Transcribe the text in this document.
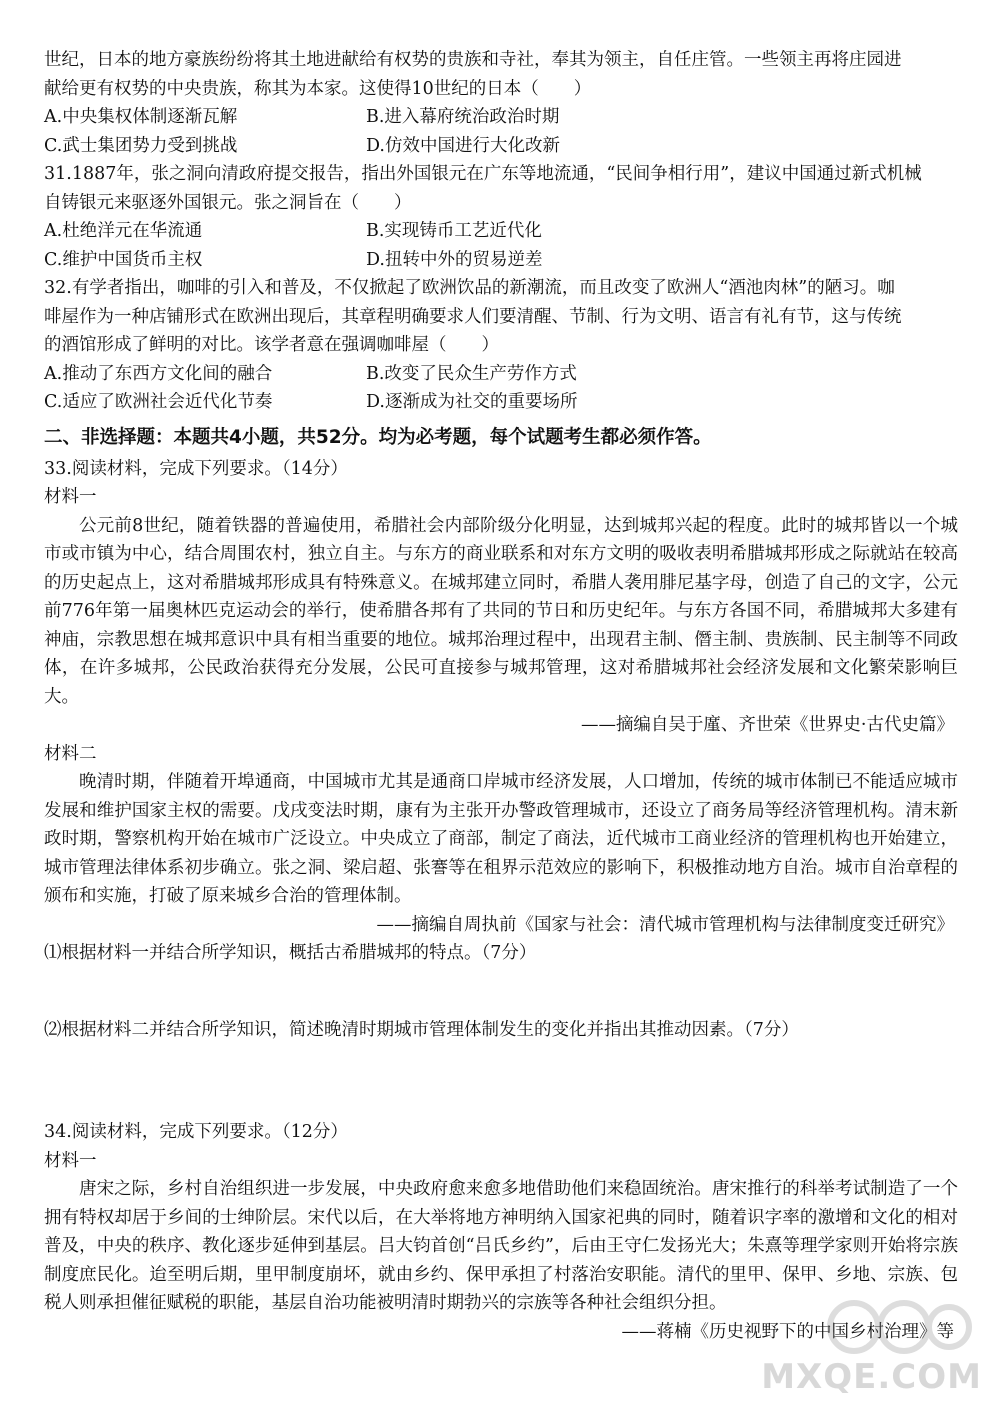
世纪，日本的地方豪族纷纷将其土地进献给有权势的贵族和寺社，奉其为领主，自任庄管。一些领主再将庄园进
献给更有权势的中央贵族，称其为本家。这使得10世纪的日本（　　）
A.中央集权体制逐渐瓦解	B.进入幕府统治政治时期
C.武士集团势力受到挑战	D.仿效中国进行大化改新
31.1887年，张之洞向清政府提交报告，指出外国银元在广东等地流通，“民间争相行用”，建议中国通过新式机械
自铸银元来驱逐外国银元。张之洞旨在（　　）
A.杜绝洋元在华流通	B.实现铸币工艺近代化
C.维护中国货币主权	D.扭转中外的贸易逆差
32.有学者指出，咖啡的引入和普及，不仅掀起了欧洲饮品的新潮流，而且改变了欧洲人“酒池肉林”的陋习。咖
啡屋作为一种店铺形式在欧洲出现后，其章程明确要求人们要清醒、节制、行为文明、语言有礼有节，这与传统
的酒馆形成了鲜明的对比。该学者意在强调咖啡屋（　　）
A.推动了东西方文化间的融合	B.改变了民众生产劳作方式
C.适应了欧洲社会近代化节奏	D.逐渐成为社交的重要场所
二、非选择题：本题共4小题，共52分。均为必考题，每个试题考生都必须作答。
33.阅读材料，完成下列要求。（14分）
材料一
公元前8世纪，随着铁器的普遍使用，希腊社会内部阶级分化明显，达到城邦兴起的程度。此时的城邦皆以一个城市或市镇为中心，结合周围农村，独立自主。与东方的商业联系和对东方文明的吸收表明希腊城邦形成之际就站在较高的历史起点上，这对希腊城邦形成具有特殊意义。在城邦建立同时，希腊人袭用腓尼基字母，创造了自己的文字，公元前776年第一届奥林匹克运动会的举行，使希腊各邦有了共同的节日和历史纪年。与东方各国不同，希腊城邦大多建有神庙，宗教思想在城邦意识中具有相当重要的地位。城邦治理过程中，出现君主制、僭主制、贵族制、民主制等不同政体，在许多城邦，公民政治获得充分发展，公民可直接参与城邦管理，这对希腊城邦社会经济发展和文化繁荣影响巨大。
——摘编自吴于廑、齐世荣《世界史·古代史篇》
材料二
晚清时期，伴随着开埠通商，中国城市尤其是通商口岸城市经济发展，人口增加，传统的城市体制已不能适应城市发展和维护国家主权的需要。戊戌变法时期，康有为主张开办警政管理城市，还设立了商务局等经济管理机构。清末新政时期，警察机构开始在城市广泛设立。中央成立了商部，制定了商法，近代城市工商业经济的管理机构也开始建立，城市管理法律体系初步确立。张之洞、梁启超、张謇等在租界示范效应的影响下，积极推动地方自治。城市自治章程的颁布和实施，打破了原来城乡合治的管理体制。
——摘编自周执前《国家与社会：清代城市管理机构与法律制度变迁研究》
⑴根据材料一并结合所学知识，概括古希腊城邦的特点。（7分）
⑵根据材料二并结合所学知识，简述晚清时期城市管理体制发生的变化并指出其推动因素。（7分）
34.阅读材料，完成下列要求。（12分）
材料一
唐宋之际，乡村自治组织进一步发展，中央政府愈来愈多地借助他们来稳固统治。唐宋推行的科举考试制造了一个拥有特权却居于乡间的士绅阶层。宋代以后，在大举将地方神明纳入国家祀典的同时，随着识字率的激增和文化的相对普及，中央的秩序、教化逐步延伸到基层。吕大钧首创“吕氏乡约”，后由王守仁发扬光大；朱熹等理学家则开始将宗族制度庶民化。迨至明后期，里甲制度崩坏，就由乡约、保甲承担了村落治安职能。清代的里甲、保甲、乡地、宗族、包税人则承担催征赋税的职能，基层自治功能被明清时期勃兴的宗族等各种社会组织分担。
——蒋楠《历史视野下的中国乡村治理》等
MXQE.COM
